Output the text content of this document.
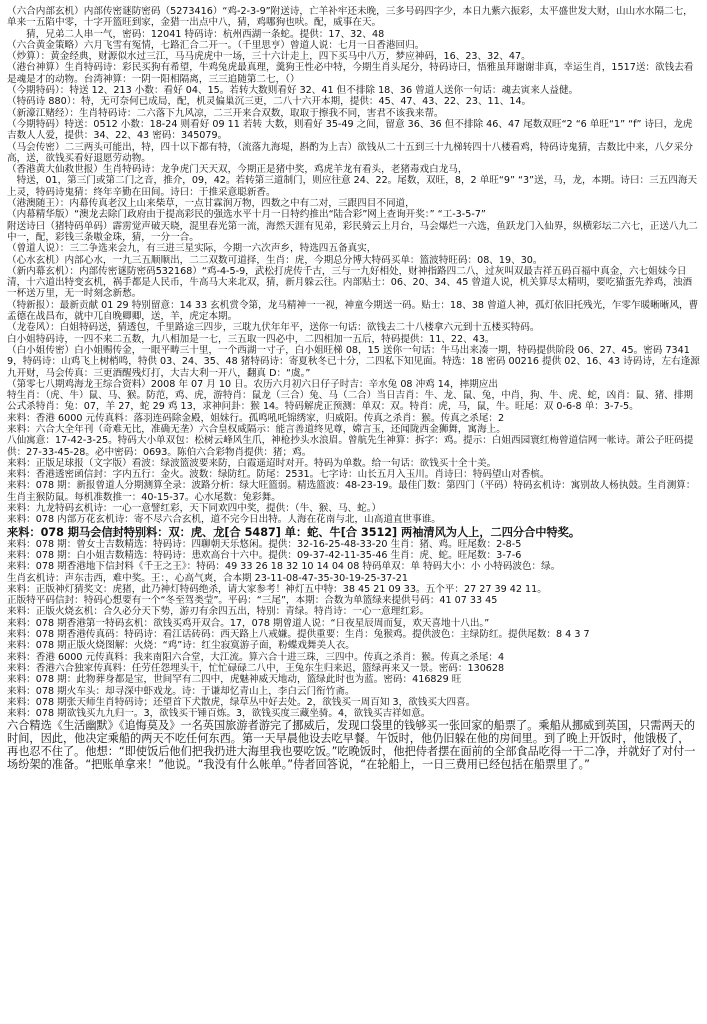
（六合内部玄机）内部传密谜防密码（5273416）“鸡-2-3-9”附送诗，亡羊补牢还未晚，三多号码四字少，本日九紫六振彩，太平盛世发大财，山山水水隔二七，单来一五陷中零，十字开篮旺到家，金猎一出点中八，猜，鸡哪狗也吠。配，威事在天。

　　猜，兄弟二人串一气，密码：12041 特码诗：杭州西湖一条蛇。提供：17、32、48

（六合黄金策略）六月飞雪有冤情，七路汇合二开一。（千里思亨）曾道人说：七月一日香港回归。

（炒算）：黄金经典，财源似水过三江，马马虎虎中一场，三十六计走上，四下买马中八万，梦应神码，16、23、32、47。

（港台神算）生肖特码诗：彩民买狗有希望，牛鸡兔虎最真理，羹狗王性必中特，今期生肖头尾分，特码诗曰，悟雅虽拜谢谢非真，幸运生肖，1517送：欲钱去看是魂是才的动物。台湾神算：一阴一阳相隔离，三三追随第二七，（）

（今期特码）：特送 12、213 小数：看好 04、15。若转大数则看好 32、41 但不排除 18、36 曾道人送你一句话：魂去寅来人益健。

（特码诗 880）：特，无可奈何已成局，配，机灵偏巢沉三更，二八十六开本期，提供：45、47、43、22、23、11、14。

（新濠江赌经）：生肖特码诗：二六落下九风凉，二三开来合双数，取取于擦我不同，害君不该我来帮。

（今期特码）特送：0512 小数：18-24 则看好 09 11 若转 大数，则看好 35-49 之间，留意 36、36 但不排除 46、47 尾数双旺“2 “6 单旺“1” “f” 诗曰，龙虎吉数人人爱，提供：34、22、43 密码：345079。

（马会传密）二三两头可能出，特，四十以下都有特，（流落九海堤，斟酌为上吉）欲钱从二十五到三十九梯转四十八楼看鸡，特码诗鬼猜，吉数比中来，八夕采分高，送，欲钱买看好退愿劳动物。

（香港黄大仙救世报）生肖特码诗：龙争虎门天天双，今期正是猪中奖，鸡虎羊龙有看头，老猪毒戏白龙马，

　特送，01，第三门或第二门之音，推介，09，42。若转第三道制门，则应往意 24、22。尾数，双旺，8，2 单旺“9” “3”送，马，龙，本期。诗曰：三五四海天上灵，特码诗鬼猜：终年辛勤在田间。诗曰：于推采意聪新香。

（港澳随王）：内幕传真老汉上山来柴草，一点甘霖润万物，四数之中有二对，三跟四目不同道，

（内幕精华版）“澳龙去除门政府由于提高彩民的强选水平十月一日特约推出“陆合彩”网上查询开奖：” “工-3-5-7”

附送诗曰（猪特码单码）霹雳觉声破天晓，混里春光第一流，海然天涯有见弟，彩民骑云上月台，马会爆烂一六选，鱼跃龙门入仙界，纵横彩坛二六七，正送八九二中一，配，彩钱三条嗷金珠，猜，一分一合。

（曾道人说）：三二争选来会九，有三进三星实际，今期一六次声乡，特选四五备真实，

（心水玄机）内部心水，一九三五顺顺出，二二双数可道择，生肖：虎，今期总分博大特码买单：篮波特旺码：08、19、30。

（新内幕玄机）：内部传密谜防密码532168）“鸡-4-5-9，武松打虎传千古，三与一九好相处，财神指路四二八，过灰叫双最吉祥五码百福中真金，六七姐妹今日清，十六道出特变玄机，祸手都是人民币，牛高马大来北双，猜，新月躲云往。内部贴士：06、20、34、45 曾道人说，机关算尽太精明，要吃猫蛋先养鸡，浊酒一杯送万里，无一时刻念新愁。

（特新报）：最新贡献 01 29 特别留意：14 33 玄机赏令第，龙马精神一一视，神童今期送一码。贴士：18、38 曾道人神，孤灯依旧托残光，乍零乍暖晰晰风，曹孟德在战昌布，就中兀自晚卿卿，送，羊，虎定本期。

（龙卷风）：白姐特码送，猜透包，千里路途三四步，三耽九伏年年平，送你一句话：欲钱去二十八楼拿六元到十五楼买特码。

白小姐特码诗，一四不来二五数，九八相加是一七，三五取一四必中，二四相加一五后，特码提供：11、22、43。

（白小姐传密）白小姐赐传金，一眼平畴三十里，一个西湖一寸子，白小姐旺梯 08，15 送你一句话：牛马出来凑一期，特码提供阶段 06、27、45。密码 73419，特码诗：山鸡飞上树梢鸣，特供 03、24、35、48 猪特码诗：寄夏秋冬已十分，二四私下知见面。特选：18 密码 00216 提供 02、16、43 诗码诗，左右逢源九开财，马会传真：三更酒醒残灯打，大吉大利一开八，翻真 D：“虞。”

（第零七八期鸡海龙王综合资料）2008 年 07 月 10 日。农历六月初六日仔子时吉：辛水兔 08 冲鸡 14，摔期应出

特生肖：（虎、牛）鼠、马、猴。防范，鸡、虎，游特肖：鼠龙（三合）兔、马（二合）当日吉肖：牛、龙、鼠、兔，中肖，狗、牛、虎、蛇，凶肖：鼠、猪、排期公式杀特肖：兔：07，羊 27，蛇 29 鸡 13，求神问卦：猴 14。特码解虎正预测：单双：双。特肖：虎，马，鼠，牛。旺尾：双 0-6-8 单：3-7-5。

来料：香港 6000 元传真料：落羽连码除金殿，姐妹行。孤鸣吼吒锦绣家，归威阳。传真之杀肖：猴。传真之杀尾：2

来料：六合大全年刊（奇难无比，准确无垄）六合皇权威隔示：能言善道终见尊，嫦言玉，还闻陇西金狮舞，寓海上。

八仙寓意：17-42-3-25。特码大小单双包：松树云峰风生爪，神枪抄头水浪眉。曾航先生神算：拆字：鸡。提示：白姐西园寰红梅曾道信网一帐诗。萧公子旺码提供：27-33-45-28。必中密码：0693。陈伯六合彩物肖提供：猪；鸡。

来料：正版足球报（文字版）看波：绿波篮波要来防，白霞遥迢时对开。特码为单数。给一句话：欲钱买十全十美。

来料：香港透密函信封：字内五行：金火。波数：绿防红。防尾：2531。七字诗：山长五月入玉川。肖诗曰：特码望山对香槟。

来料：078 期：新报曾道人分期测算全录：波路分析：绿大旺篮弱。精选篮波：48-23-19。最佳门数：第四门（平码）特码玄机诗：寓别故人杨执鼓。生肖测算：生肖主猴防鼠。每机准数推一：40-15-37。心水尾数：兔彩舞。

来料：九龙特码玄机诗：一心一意譬红彩，天下同欢四中奖，提供：（牛、猴、马、蛇。）

来料：078 内部万花玄机诗：寄不尽六合玄机，道不完今日出特。人海在花南与北，山高道直世事谁。

来料：078 期马会信封特别料：双：虎、龙[合 5487] 单：蛇、牛[合 3512] 两袖清风为人上，二四分合中特奖。

来料：078 期：曾女士吉数精选：特码诗：四聊朝天乐悠闲。提供：32-16-25-48-33-20 生肖：猪、鸡。旺尾数：2-8-5

来料：078 期：白小姐吉数精选：特码诗：患欢高台十六中。提供：09-37-42-11-35-46 生肖：虎、蛇。旺尾数：3-7-6

来料：078 期香港地下信封料《千王之王》：特码：49 33 26 18 32 10 14 04 08 特码单双：单 特码大小：小 小特码波色：绿。

生肖玄机诗：声东击西，难中奖。王：，心高气爽，合本期 23-11-08-47-35-30-19-25-37-21

来料：正版神灯猜奖文：虎猪，此乃神灯特码绝杀，请大家参考！神灯五中特：38 45 21 09 33。五个平：27 27 39 42 11。

正版特平码信封：特码心想要有一个“冬至驾类莹”。平码：“三尾”，本期：合数为单篮绿来提供号码：41 07 33 45

来料：正版火烧玄机：合久必分天下势，游刃有余四五出，特别：青绿。特肖诗：一心一意理红彩。

来料：078 期香港第一特码玄机：欲钱买鸡开双合。17，078 期曾道人说：“日夜星辰周而复，欢天喜地十八出。”

来料：078 期香港传真码：特码诗：看江话砖码：西天路上八戒嫌。提供重要：生肖：兔猴鸡。提供波色：主绿防红。提供尾数：8 4 3 7

来料：078 期正版火烧图解：火烧：“鸡”诗：红尘寂寞游子面，粉蝶戏舞美人衣。

来料：香港 6000 元传真料：我来南阳六合堂，大江流。算六合十进三珠，三四中。传真之杀肖：猴。传真之杀尾：4

来料：香港六合独家传真料：任劳任怨埋头干，忙忙碌碌二八中，王兔东生归来迟，篮绿再来又一景。密码：130628

来料：078 期：此物葬身都是宝，世间罕有二四中，虎魅神威天地动，篮绿此时也为蓝。密码：416829 旺

来料：078 期火车头：却寻深中虾戏龙。诗：于谦却忆青山上，李白云门衔竹斋。

来料：078 期张天师生肖特码诗；还望首下犬散虎，绿草丛中好去处。2，欲钱买一周百知 3，欲钱买大四喜。

来料：078 期欲钱买九九归一。3，欲钱买干锤百炼。3，欲钱买度三藏坐骑。4，欲钱买吉祥如意。

六合精选《生活幽默》《追悔莫及》一名英国旅游者游完了挪威后，发现口袋里的钱够买一张回家的船票了。乘船从挪威到英国，只需两天的时间，因此，他决定乘船的两天不吃任何东西。第一天早晨他设去吃早餐。午饭时，他仍旧躲在他的房间里。到了晚上开饭时，他饿极了，再也忍不住了。他想：“即使饭后他们把我扔进大海里我也要吃饭。”吃晚饭时，他把侍者摆在面前的全部食品吃得一干二净，并就好了对付一场纷架的准备。“把账单拿来！”他说。“我没有什么帐单。”侍者回答说，“在轮船上，一日三费用已经包括在船票里了。”
